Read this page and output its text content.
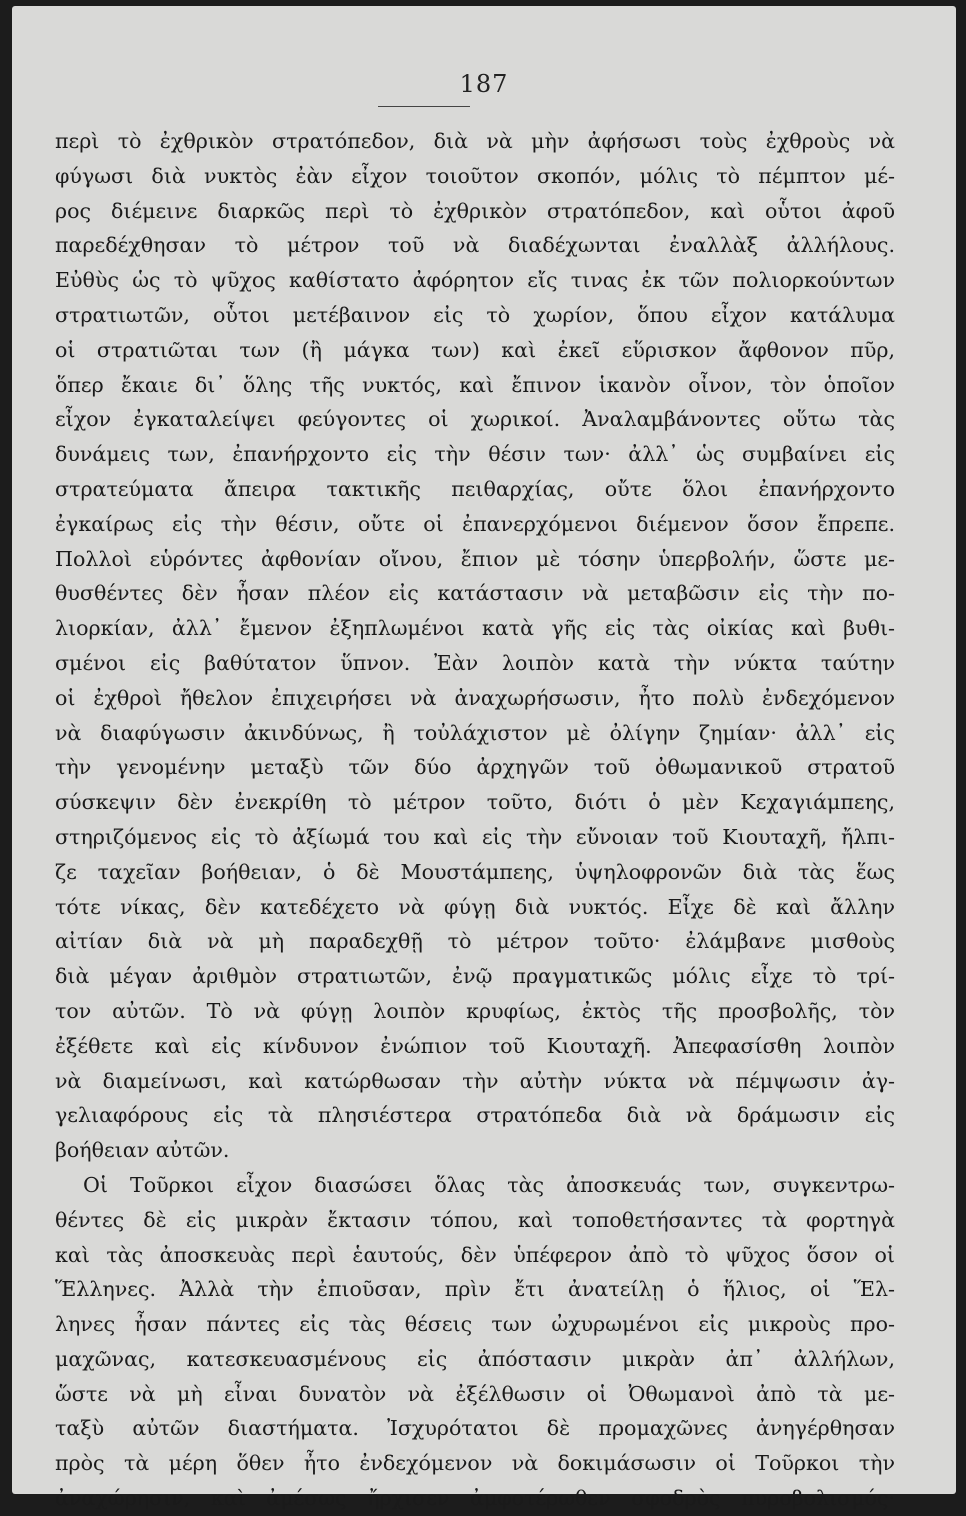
187
περὶ τὸ ἐχθρικὸν στρατόπεδον, διὰ νὰ μὴν ἀφήσωσι τοὺς ἐχθροὺς νὰ
φύγωσι διὰ νυκτὸς ἐὰν εἶχον τοιοῦτον σκοπόν, μόλις τὸ πέμπτον μέ-
ρος διέμεινε διαρκῶς περὶ τὸ ἐχθρικὸν στρατόπεδον, καὶ οὗτοι ἀφοῦ
παρεδέχθησαν τὸ μέτρον τοῦ νὰ διαδέχωνται ἐναλλὰξ ἀλλήλους.
Εὐθὺς ὡς τὸ ψῦχος καθίστατο ἀφόρητον εἴς τινας ἐκ τῶν πολιορκούντων
στρατιωτῶν, οὗτοι μετέβαινον εἰς τὸ χωρίον, ὅπου εἶχον κατάλυμα
οἱ στρατιῶται των (ἢ μάγκα των) καὶ ἐκεῖ εὕρισκον ἄφθονον πῦρ,
ὅπερ ἔκαιε δι᾿ ὅλης τῆς νυκτός, καὶ ἔπινον ἱκανὸν οἶνον, τὸν ὁποῖον
εἶχον ἐγκαταλείψει φεύγοντες οἱ χωρικοί. Ἀναλαμβάνοντες οὕτω τὰς
δυνάμεις των, ἐπανήρχοντο εἰς τὴν θέσιν των· ἀλλ᾿ ὡς συμβαίνει εἰς
στρατεύματα ἄπειρα τακτικῆς πειθαρχίας, οὔτε ὅλοι ἐπανήρχοντο
ἐγκαίρως εἰς τὴν θέσιν, οὔτε οἱ ἐπανερχόμενοι διέμενον ὅσον ἔπρεπε.
Πολλοὶ εὑρόντες ἀφθονίαν οἴνου, ἔπιον μὲ τόσην ὑπερβολήν, ὥστε με-
θυσθέντες δὲν ἦσαν πλέον εἰς κατάστασιν νὰ μεταβῶσιν εἰς τὴν πο-
λιορκίαν, ἀλλ᾿ ἔμενον ἐξηπλωμένοι κατὰ γῆς εἰς τὰς οἰκίας καὶ βυθι-
σμένοι εἰς βαθύτατον ὕπνον. Ἐὰν λοιπὸν κατὰ τὴν νύκτα ταύτην
οἱ ἐχθροὶ ἤθελον ἐπιχειρήσει νὰ ἀναχωρήσωσιν, ἦτο πολὺ ἐνδεχόμενον
νὰ διαφύγωσιν ἀκινδύνως, ἢ τοὐλάχιστον μὲ ὀλίγην ζημίαν· ἀλλ᾿ εἰς
τὴν γενομένην μεταξὺ τῶν δύο ἀρχηγῶν τοῦ ὀθωμανικοῦ στρατοῦ
σύσκεψιν δὲν ἐνεκρίθη τὸ μέτρον τοῦτο, διότι ὁ μὲν Κεχαγιάμπεης,
στηριζόμενος εἰς τὸ ἀξίωμά του καὶ εἰς τὴν εὔνοιαν τοῦ Κιουταχῆ, ἤλπι-
ζε ταχεῖαν βοήθειαν, ὁ δὲ Μουστάμπεης, ὑψηλοφρονῶν διὰ τὰς ἕως
τότε νίκας, δὲν κατεδέχετο νὰ φύγῃ διὰ νυκτός. Εἶχε δὲ καὶ ἄλλην
αἰτίαν διὰ νὰ μὴ παραδεχθῇ τὸ μέτρον τοῦτο· ἐλάμβανε μισθοὺς
διὰ μέγαν ἀριθμὸν στρατιωτῶν, ἐνῷ πραγματικῶς μόλις εἶχε τὸ τρί-
τον αὐτῶν. Τὸ νὰ φύγῃ λοιπὸν κρυφίως, ἐκτὸς τῆς προσβολῆς, τὸν
ἐξέθετε καὶ εἰς κίνδυνον ἐνώπιον τοῦ Κιουταχῆ. Ἀπεφασίσθη λοιπὸν
νὰ διαμείνωσι, καὶ κατώρθωσαν τὴν αὐτὴν νύκτα νὰ πέμψωσιν ἀγ-
γελιαφόρους εἰς τὰ πλησιέστερα στρατόπεδα διὰ νὰ δράμωσιν εἰς
βοήθειαν αὐτῶν.
Οἱ Τοῦρκοι εἶχον διασώσει ὅλας τὰς ἀποσκευάς των, συγκεντρω-
θέντες δὲ εἰς μικρὰν ἔκτασιν τόπου, καὶ τοποθετήσαντες τὰ φορτηγὰ
καὶ τὰς ἀποσκευὰς περὶ ἑαυτούς, δὲν ὑπέφερον ἀπὸ τὸ ψῦχος ὅσον οἱ
Ἕλληνες. Ἀλλὰ τὴν ἐπιοῦσαν, πρὶν ἔτι ἀνατείλῃ ὁ ἥλιος, οἱ Ἕλ-
ληνες ἦσαν πάντες εἰς τὰς θέσεις των ὠχυρωμένοι εἰς μικροὺς προ-
μαχῶνας, κατεσκευασμένους εἰς ἀπόστασιν μικρὰν ἀπ᾿ ἀλλήλων,
ὥστε νὰ μὴ εἶναι δυνατὸν νὰ ἐξέλθωσιν οἱ Ὀθωμανοὶ ἀπὸ τὰ με-
ταξὺ αὐτῶν διαστήματα. Ἰσχυρότατοι δὲ προμαχῶνες ἀνηγέρθησαν
πρὸς τὰ μέρη ὅθεν ἦτο ἐνδεχόμενον νὰ δοκιμάσωσιν οἱ Τοῦρκοι τὴν
ἀναχώρησιν, καὶ ἀμέσως ἤρχισεν ἀμφοτέρωθεν σφοδρὸς πυροβολισμός·
